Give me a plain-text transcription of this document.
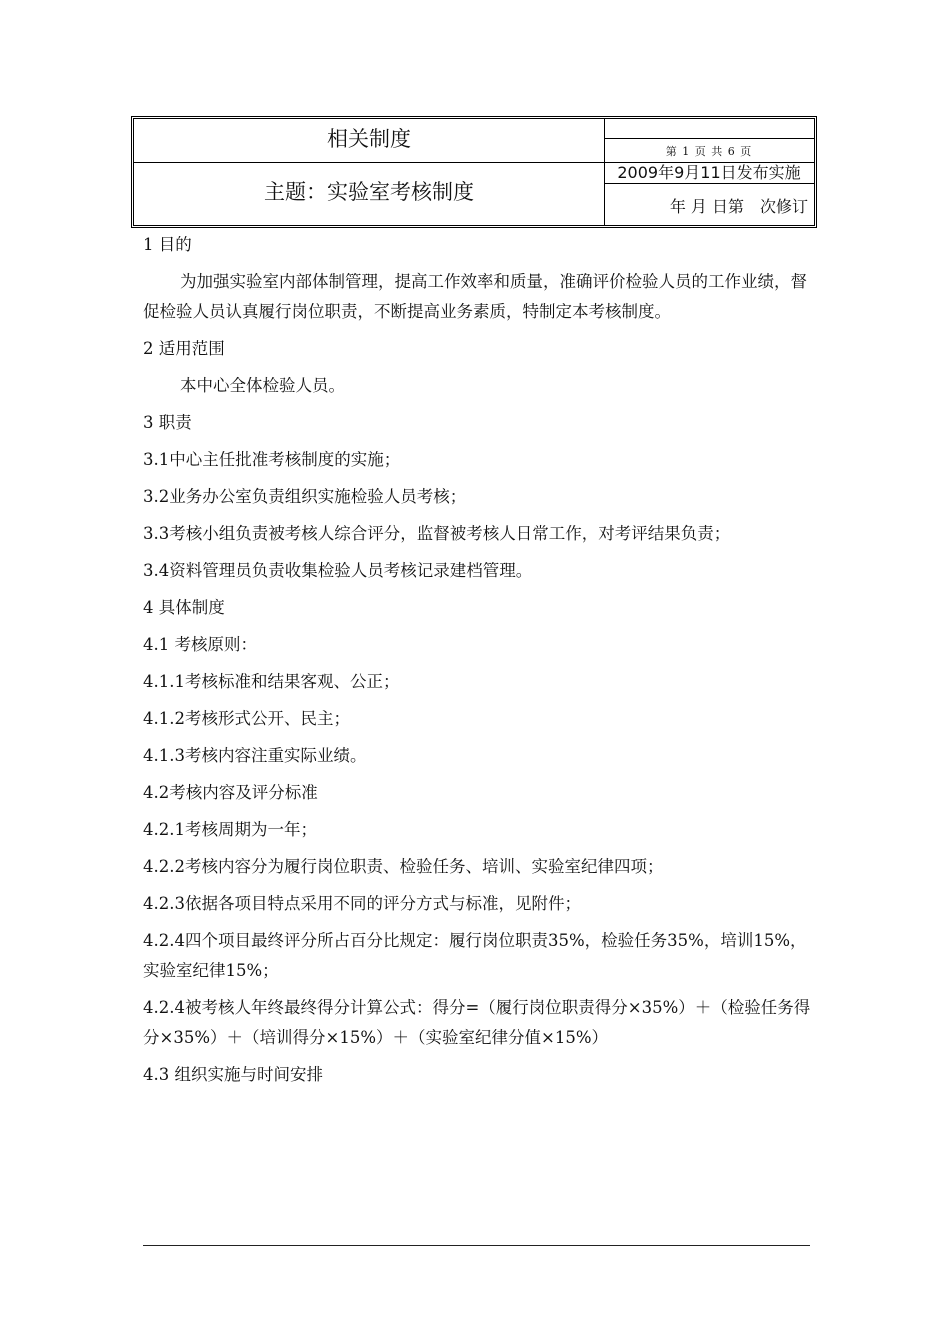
相关制度
主题：实验室考核制度
第 1 页 共 6 页
2009年9月11日发布实施
年 月 日第　次修订

1 目的

为加强实验室内部体制管理，提高工作效率和质量，准确评价检验人员的工作业绩，督促检验人员认真履行岗位职责，不断提高业务素质，特制定本考核制度。

2 适用范围

本中心全体检验人员。

3 职责

3.1中心主任批准考核制度的实施；

3.2业务办公室负责组织实施检验人员考核；

3.3考核小组负责被考核人综合评分，监督被考核人日常工作，对考评结果负责；

3.4资料管理员负责收集检验人员考核记录建档管理。

4 具体制度

4.1 考核原则：

4.1.1考核标准和结果客观、公正；

4.1.2考核形式公开、民主；

4.1.3考核内容注重实际业绩。

4.2考核内容及评分标准

4.2.1考核周期为一年；

4.2.2考核内容分为履行岗位职责、检验任务、培训、实验室纪律四项；

4.2.3依据各项目特点采用不同的评分方式与标准，见附件；

4.2.4四个项目最终评分所占百分比规定：履行岗位职责35%，检验任务35%，培训15%，实验室纪律15%；

4.2.4被考核人年终最终得分计算公式：得分=（履行岗位职责得分×35%）＋（检验任务得分×35%）＋（培训得分×15%）＋（实验室纪律分值×15%）

4.3 组织实施与时间安排
